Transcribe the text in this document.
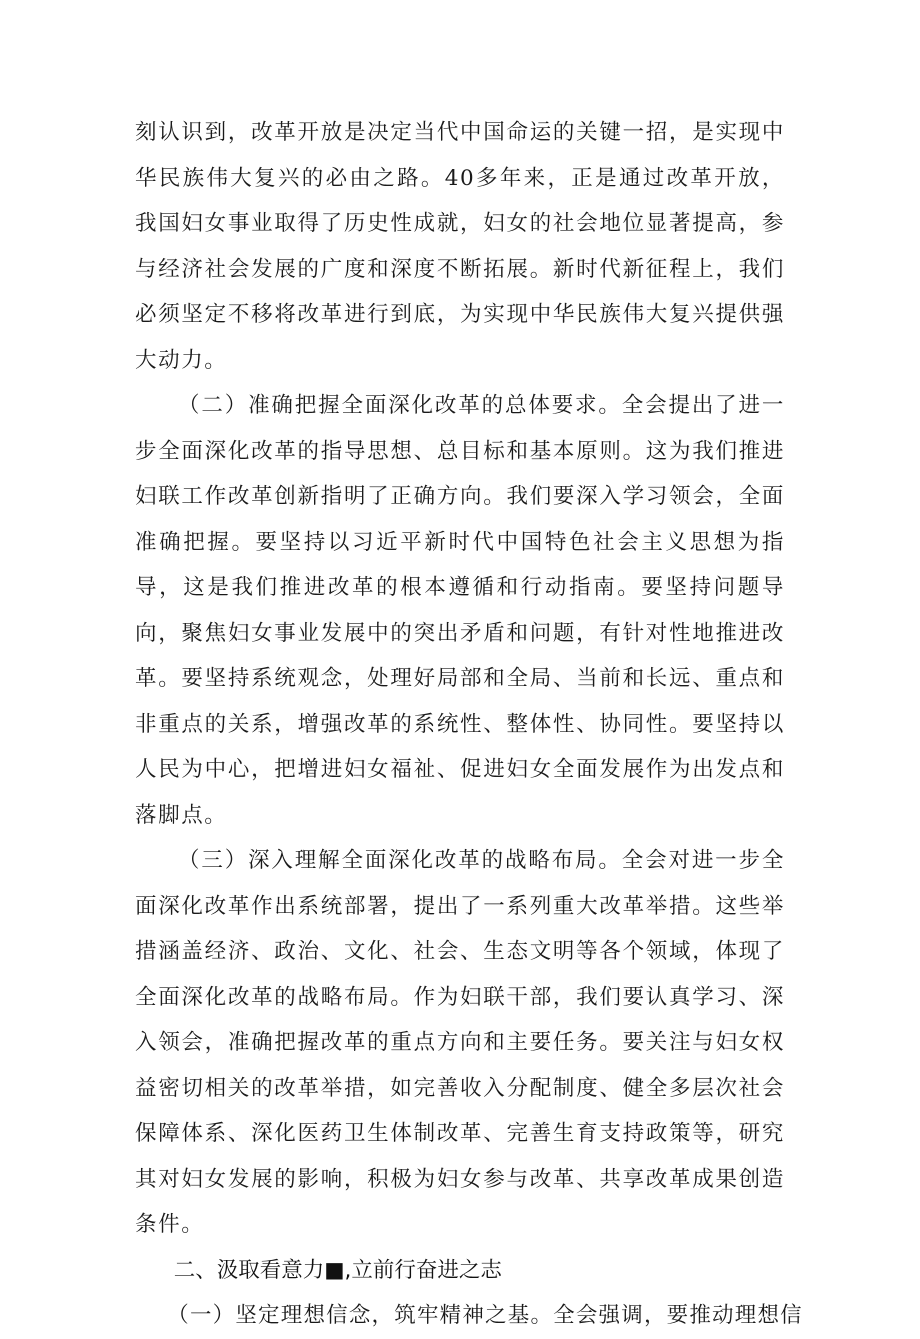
刻认识到，改革开放是决定当代中国命运的关键一招，是实现中华民族伟大复兴的必由之路。40多年来，正是通过改革开放，我国妇女事业取得了历史性成就，妇女的社会地位显著提高，参与经济社会发展的广度和深度不断拓展。新时代新征程上，我们必须坚定不移将改革进行到底，为实现中华民族伟大复兴提供强大动力。

（二）准确把握全面深化改革的总体要求。全会提出了进一步全面深化改革的指导思想、总目标和基本原则。这为我们推进妇联工作改革创新指明了正确方向。我们要深入学习领会，全面准确把握。要坚持以习近平新时代中国特色社会主义思想为指导，这是我们推进改革的根本遵循和行动指南。要坚持问题导向，聚焦妇女事业发展中的突出矛盾和问题，有针对性地推进改革。要坚持系统观念，处理好局部和全局、当前和长远、重点和非重点的关系，增强改革的系统性、整体性、协同性。要坚持以人民为中心，把增进妇女福祉、促进妇女全面发展作为出发点和落脚点。

（三）深入理解全面深化改革的战略布局。全会对进一步全面深化改革作出系统部署，提出了一系列重大改革举措。这些举措涵盖经济、政治、文化、社会、生态文明等各个领域，体现了全面深化改革的战略布局。作为妇联干部，我们要认真学习、深入领会，准确把握改革的重点方向和主要任务。要关注与妇女权益密切相关的改革举措，如完善收入分配制度、健全多层次社会保障体系、深化医药卫生体制改革、完善生育支持政策等，研究其对妇女发展的影响，积极为妇女参与改革、共享改革成果创造条件。

二、汲取看意力■,立前行奋进之志

（一）坚定理想信念，筑牢精神之基。全会强调，要推动理想信
